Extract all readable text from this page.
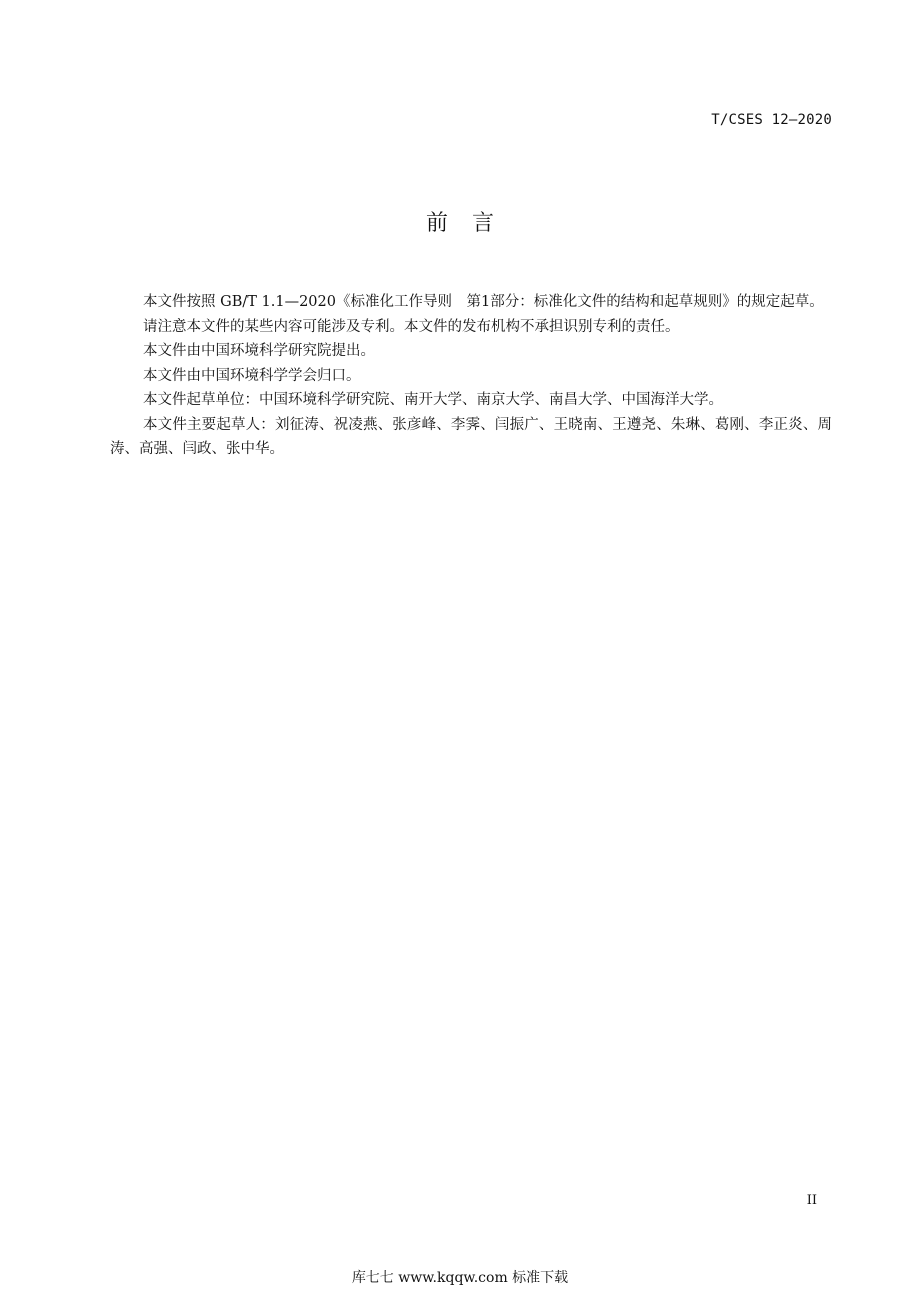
T/CSES 12—2020
前言

本文件按照 GB/T 1.1—2020《标准化工作导则　第1部分：标准化文件的结构和起草规则》的规定起草。

请注意本文件的某些内容可能涉及专利。本文件的发布机构不承担识别专利的责任。

本文件由中国环境科学研究院提出。

本文件由中国环境科学学会归口。

本文件起草单位：中国环境科学研究院、南开大学、南京大学、南昌大学、中国海洋大学。

本文件主要起草人：刘征涛、祝凌燕、张彦峰、李霁、闫振广、王晓南、王遵尧、朱琳、葛刚、李正炎、周涛、高强、闫政、张中华。

II
库七七 www.kqqw.com 标准下载
